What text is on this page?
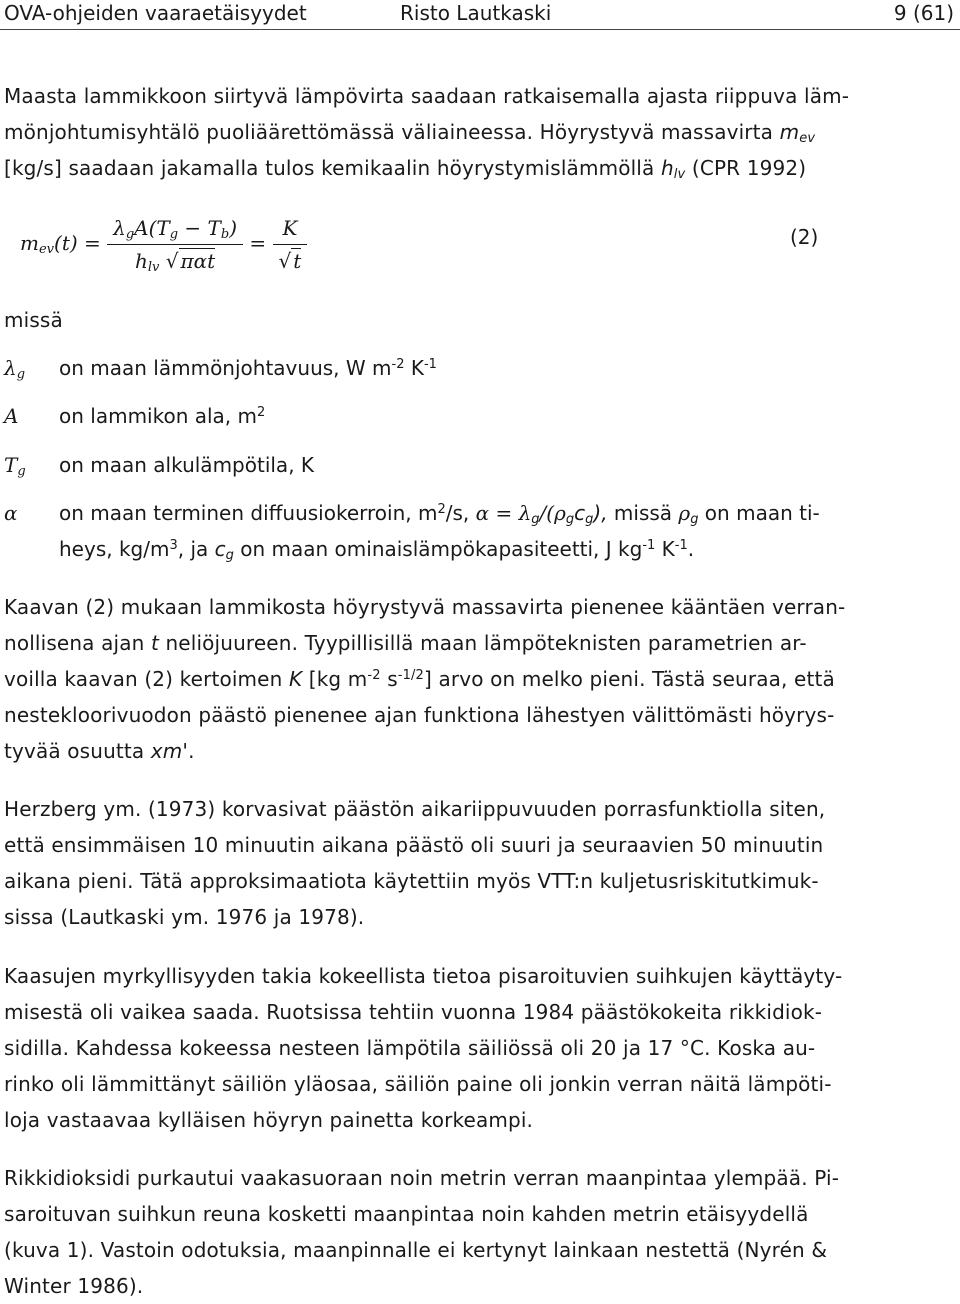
OVA-ohjeiden vaaraetäisyydet	Risto Lautkaski	9 (61)
Maasta lammikkoon siirtyvä lämpövirta saadaan ratkaisemalla ajasta riippuva läm-
mönjohtumisyhtälö puoliäärettömässä väliaineessa. Höyrystyvä massavirta $m_{ev}$
[kg/s] saadaan jakamalla tulos kemikaalin höyrystymislämmöllä $h_{lv}$ (CPR 1992)
$m_{ev}(t) = \frac{\lambda_gA(T_g - T_b)}{h_{lv} √ \pi\alpha t} = \frac{K}{√ t}$	(2)
missä
$\lambda_g$	on maan lämmönjohtavuus, W $m^{-2}$ $K^{-1}$
A	on lammikon ala, $m^2$
$T_g$	on maan alkulämpötila, K
α	on maan terminen diffuusiokerroin, $m^2/s$, $\alpha = \lambda_g/(\rho_gc_g)$, missä $\rho_g$ on maan ti-
heys, $kg/m^3$, ja $c_g$ on maan ominaislämpökapasiteetti, J $kg^{-1}$ $K^{-1}$.
Kaavan (2) mukaan lammikosta höyrystyvä massavirta pienenee kääntäen verran-
nollisena ajan t neliöjuureen. Tyypillisillä maan lämpöteknisten parametrien ar-
voilla kaavan (2) kertoimen K [kg $m^{-2}$ $s^{-1/2}$] arvo on melko pieni. Tästä seuraa, että
nestekloorivuodon päästö pienenee ajan funktiona lähestyen välittömästi höyrys-
tyvää osuutta xm'.
Herzberg ym. (1973) korvasivat päästön aikariippuvuuden porrasfunktiolla siten,
että ensimmäisen 10 minuutin aikana päästö oli suuri ja seuraavien 50 minuutin
aikana pieni. Tätä approksimaatiota käytettiin myös VTT:n kuljetusriskitutkimuk-
sissa (Lautkaski ym. 1976 ja 1978).
Kaasujen myrkyllisyyden takia kokeellista tietoa pisaroituvien suihkujen käyttäyty-
misestä oli vaikea saada. Ruotsissa tehtiin vuonna 1984 päästökokeita rikkidiok-
sidilla. Kahdessa kokeessa nesteen lämpötila säiliössä oli 20 ja 17 °C. Koska au-
rinko oli lämmittänyt säiliön yläosaa, säiliön paine oli jonkin verran näitä lämpöti-
loja vastaavaa kylläisen höyryn painetta korkeampi.
Rikkidioksidi purkautui vaakasuoraan noin metrin verran maanpintaa ylempää. Pi-
saroituvan suihkun reuna kosketti maanpintaa noin kahden metrin etäisyydellä
(kuva 1). Vastoin odotuksia, maanpinnalle ei kertynyt lainkaan nestettä (Nyrén &
Winter 1986).
